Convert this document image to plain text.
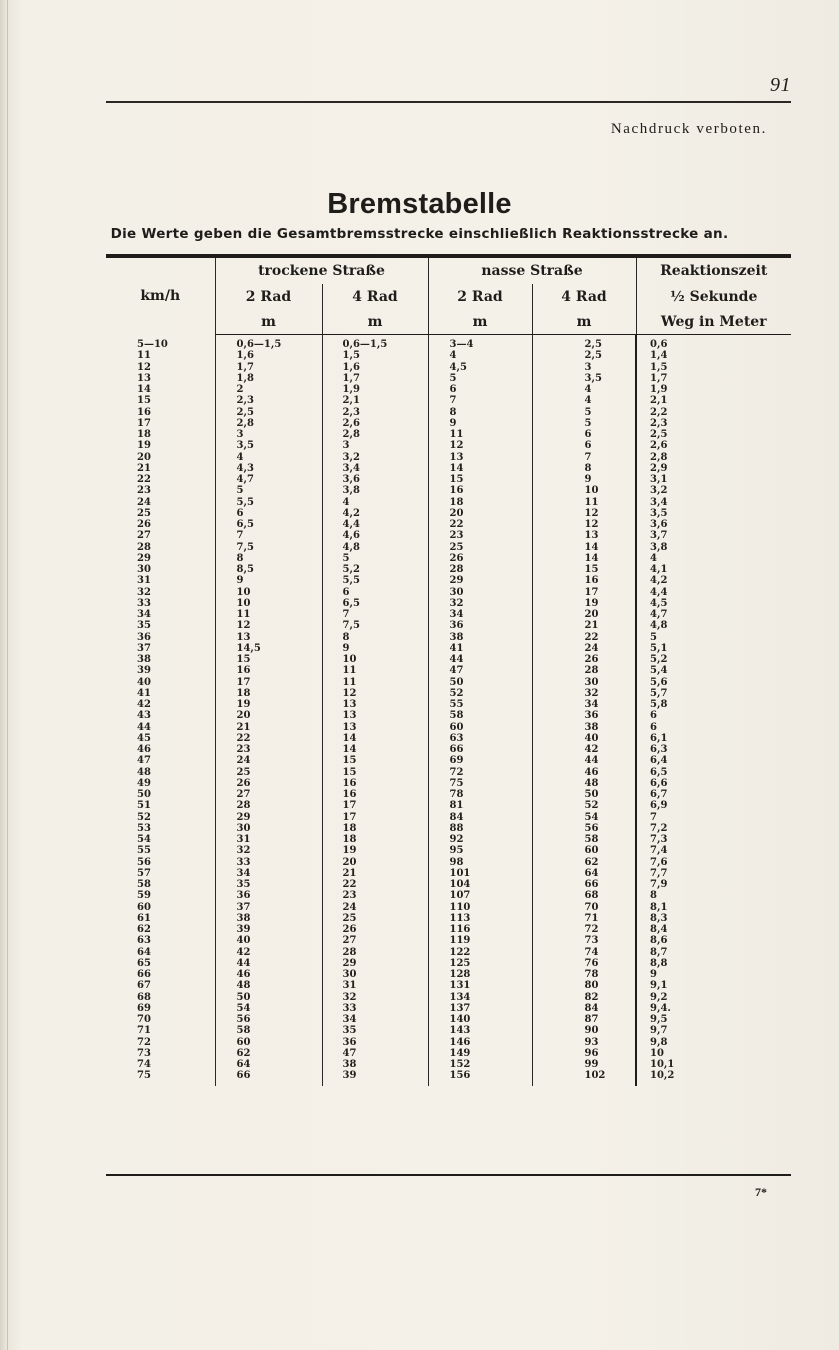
91
Nachdruck verboten.
Bremstabelle
Die Werte geben die Gesamtbremsstrecke einschließlich Reaktionsstrecke an.
km/h	trockene Straße		nasse Straße		Reaktionszeit
	2 Rad	4 Rad	2 Rad	4 Rad	½ Sekunde
	m	m	m	m	Weg in Meter
5—10	0,6—1,5	0,6—1,5	3—4	2,5	0,6
11	1,6	1,5	4	2,5	1,4
12	1,7	1,6	4,5	3	1,5
13	1,8	1,7	5	3,5	1,7
14	2	1,9	6	4	1,9
15	2,3	2,1	7	4	2,1
16	2,5	2,3	8	5	2,2
17	2,8	2,6	9	5	2,3
18	3	2,8	11	6	2,5
19	3,5	3	12	6	2,6
20	4	3,2	13	7	2,8
21	4,3	3,4	14	8	2,9
22	4,7	3,6	15	9	3,1
23	5	3,8	16	10	3,2
24	5,5	4	18	11	3,4
25	6	4,2	20	12	3,5
26	6,5	4,4	22	12	3,6
27	7	4,6	23	13	3,7
28	7,5	4,8	25	14	3,8
29	8	5	26	14	4
30	8,5	5,2	28	15	4,1
31	9	5,5	29	16	4,2
32	10	6	30	17	4,4
33	10	6,5	32	19	4,5
34	11	7	34	20	4,7
35	12	7,5	36	21	4,8
36	13	8	38	22	5
37	14,5	9	41	24	5,1
38	15	10	44	26	5,2
39	16	11	47	28	5,4
40	17	11	50	30	5,6
41	18	12	52	32	5,7
42	19	13	55	34	5,8
43	20	13	58	36	6
44	21	13	60	38	6
45	22	14	63	40	6,1
46	23	14	66	42	6,3
47	24	15	69	44	6,4
48	25	15	72	46	6,5
49	26	16	75	48	6,6
50	27	16	78	50	6,7
51	28	17	81	52	6,9
52	29	17	84	54	7
53	30	18	88	56	7,2
54	31	18	92	58	7,3
55	32	19	95	60	7,4
56	33	20	98	62	7,6
57	34	21	101	64	7,7
58	35	22	104	66	7,9
59	36	23	107	68	8
60	37	24	110	70	8,1
61	38	25	113	71	8,3
62	39	26	116	72	8,4
63	40	27	119	73	8,6
64	42	28	122	74	8,7
65	44	29	125	76	8,8
66	46	30	128	78	9
67	48	31	131	80	9,1
68	50	32	134	82	9,2
69	54	33	137	84	9,4.
70	56	34	140	87	9,5
71	58	35	143	90	9,7
72	60	36	146	93	9,8
73	62	47	149	96	10
74	64	38	152	99	10,1
75	66	39	156	102	10,2
7*
